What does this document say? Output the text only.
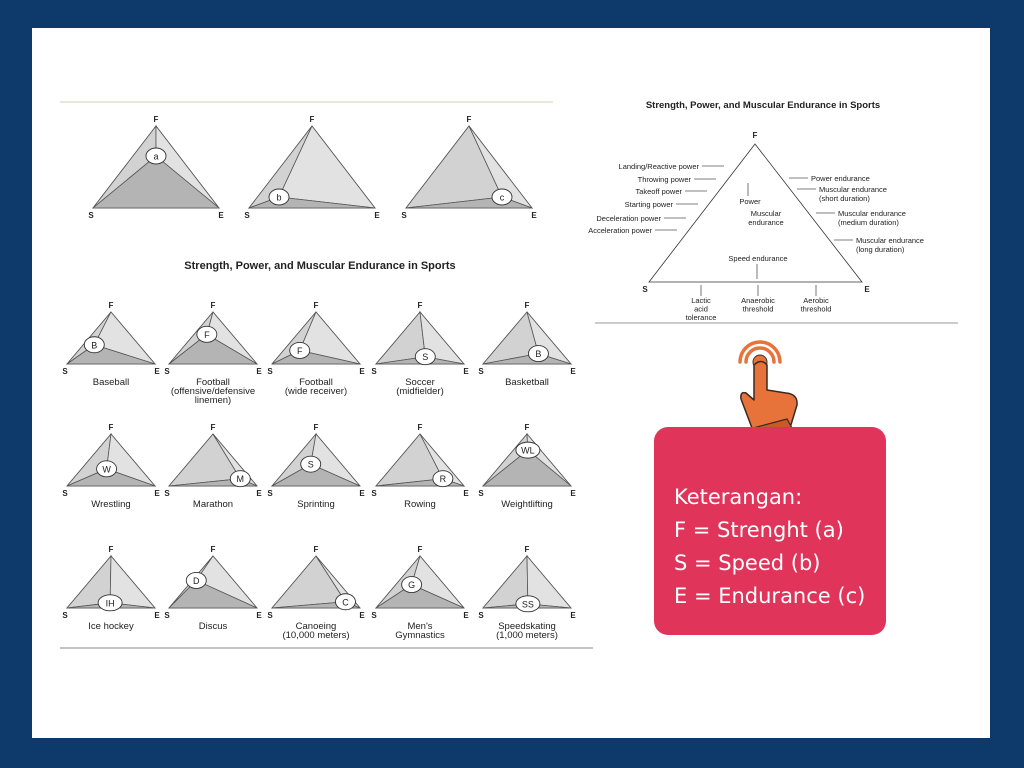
a
F
S	E
b
F
S	E
c
F
S	E
Strength, Power, and Muscular Endurance in Sports
B
F
S	E
Baseball
F
F
S	E
Football
(offensive/defensive
linemen)
F
F
S	E
Football
(wide receiver)
S
F
S	E
Soccer
(midfielder)
B
F
S	E
Basketball
W
F
S	E
Wrestling
M
F
S	E
Marathon
S
F
S	E
Sprinting
R
F
S	E
Rowing
WL
F
S	E
Weightlifting
IH
F
S	E
Ice hockey
D
F
S	E
Discus
C
F
S	E
Canoeing
(10,000 meters)
G
F
S	E
Men's
Gymnastics
SS
F
S	E
Speedskating
(1,000 meters)
Strength, Power, and Muscular Endurance in Sports
F
S	E
Landing/Reactive power
Throwing power
Takeoff power
Starting power
Deceleration power
Acceleration power
Power endurance
Muscular endurance
(short duration)
Muscular endurance
(medium duration)
Muscular endurance
(long duration)
Power
Muscular
endurance
Speed endurance
Lactic
acid
tolerance
Anaerobic
threshold
Aerobic
threshold
Keterangan:
F = Strenght (a)
S = Speed (b)
E = Endurance (c)
